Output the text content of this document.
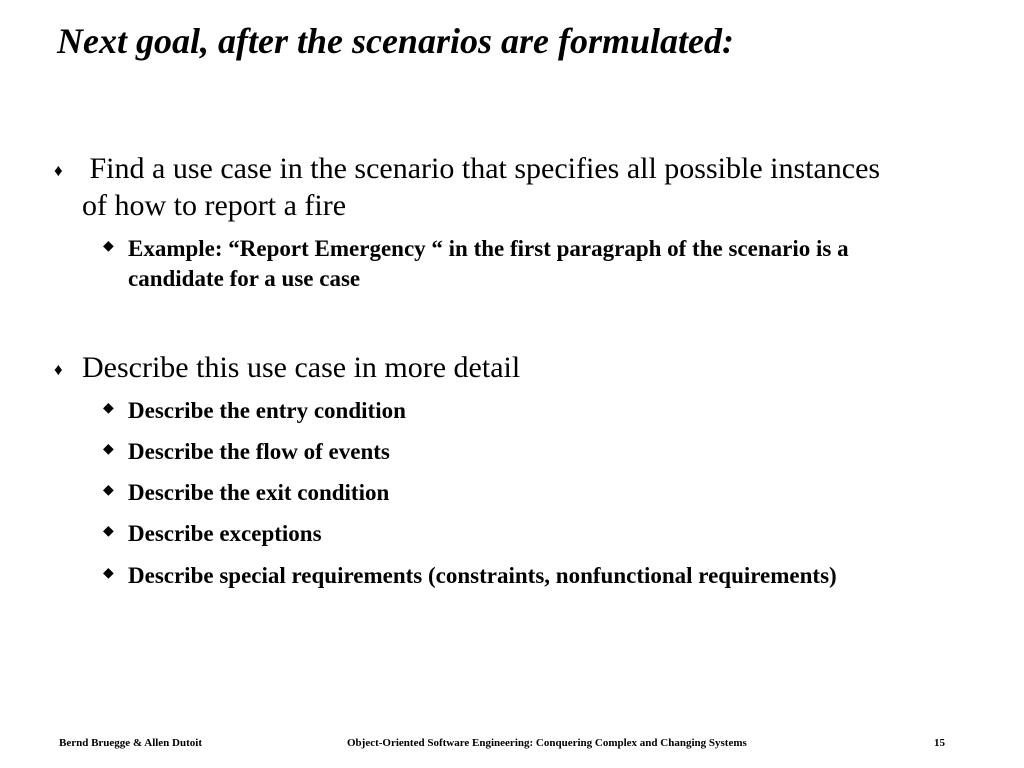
Next goal, after the scenarios are formulated:
♦ Find a use case in the scenario that specifies all possible instances of how to report a fire
◆ Example: “Report Emergency “ in the first paragraph of the scenario is a candidate for a use case
♦ Describe this use case in more detail
◆ Describe the entry condition
◆ Describe the flow of events
◆ Describe the exit condition
◆ Describe exceptions
◆ Describe special requirements (constraints, nonfunctional requirements)
Bernd Bruegge & Allen Dutoit	Object-Oriented Software Engineering: Conquering Complex and Changing Systems	15
